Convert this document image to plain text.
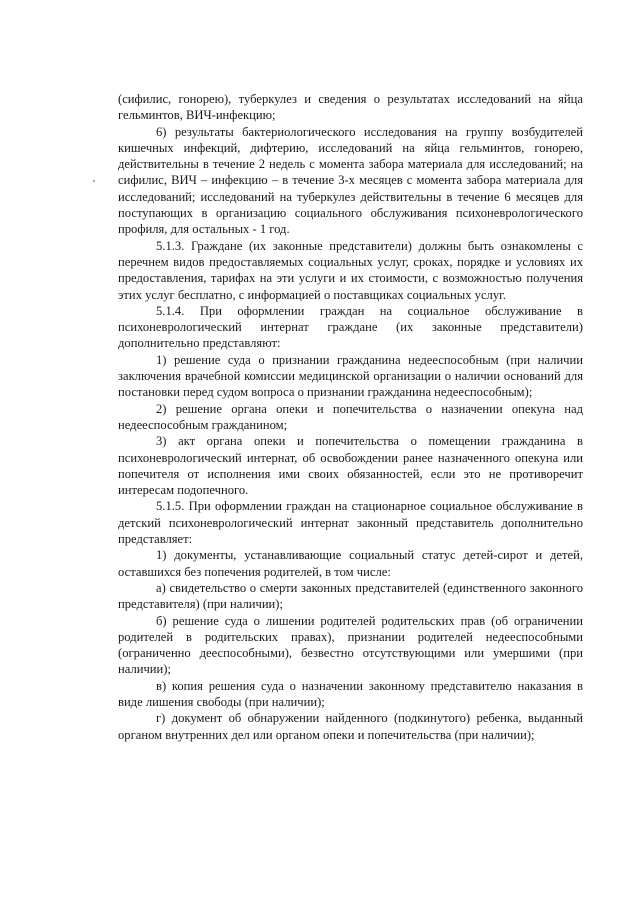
(сифилис, гонорею), туберкулез и сведения о результатах исследований на яйца гельминтов, ВИЧ-инфекцию;

6) результаты бактериологического исследования на группу возбудителей кишечных инфекций, дифтерию, исследований на яйца гельминтов, гонорею, действительны в течение 2 недель с момента забора материала для исследований; на сифилис, ВИЧ – инфекцию – в течение 3-х месяцев с момента забора материала для исследований; исследований на туберкулез действительны в течение 6 месяцев для поступающих в организацию социального обслуживания психоневрологического профиля, для остальных - 1 год.

5.1.3. Граждане (их законные представители) должны быть ознакомлены с перечнем видов предоставляемых социальных услуг, сроках, порядке и условиях их предоставления, тарифах на эти услуги и их стоимости, с возможностью получения этих услуг бесплатно, с информацией о поставщиках социальных услуг.

5.1.4. При оформлении граждан на социальное обслуживание в психоневрологический интернат граждане (их законные представители) дополнительно представляют:

1) решение суда о признании гражданина недееспособным (при наличии заключения врачебной комиссии медицинской организации о наличии оснований для постановки перед судом вопроса о признании гражданина недееспособным);

2) решение органа опеки и попечительства о назначении опекуна над недееспособным гражданином;

3) акт органа опеки и попечительства о помещении гражданина в психоневрологический интернат, об освобождении ранее назначенного опекуна или попечителя от исполнения ими своих обязанностей, если это не противоречит интересам подопечного.

5.1.5. При оформлении граждан на стационарное социальное обслуживание в детский психоневрологический интернат законный представитель дополнительно представляет:

1) документы, устанавливающие социальный статус детей-сирот и детей, оставшихся без попечения родителей, в том числе:

а) свидетельство о смерти законных представителей (единственного законного представителя) (при наличии);

б) решение суда о лишении родителей родительских прав (об ограничении родителей в родительских правах), признании родителей недееспособными (ограниченно дееспособными), безвестно отсутствующими или умершими (при наличии);

в) копия решения суда о назначении законному представителю наказания в виде лишения свободы (при наличии);

г) документ об обнаружении найденного (подкинутого) ребенка, выданный органом внутренних дел или органом опеки и попечительства (при наличии);
